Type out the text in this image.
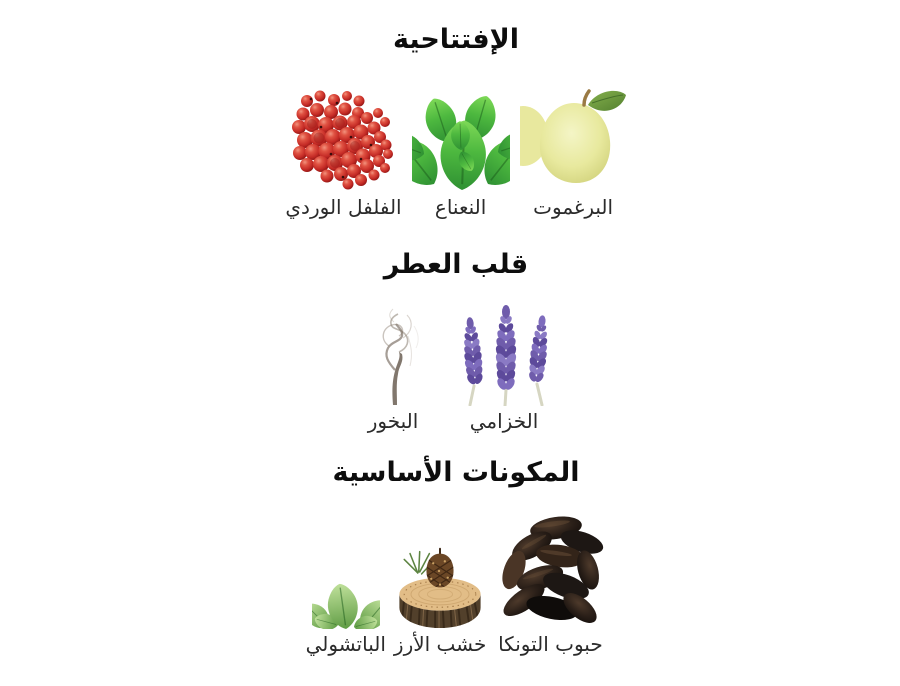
الإفتتاحية
الفلفل الوردي النعناع البرغموت
قلب العطر
البخور	الخزامي
المكونات الأساسية
الباتشولي خشب الأرز حبوب التونكا
